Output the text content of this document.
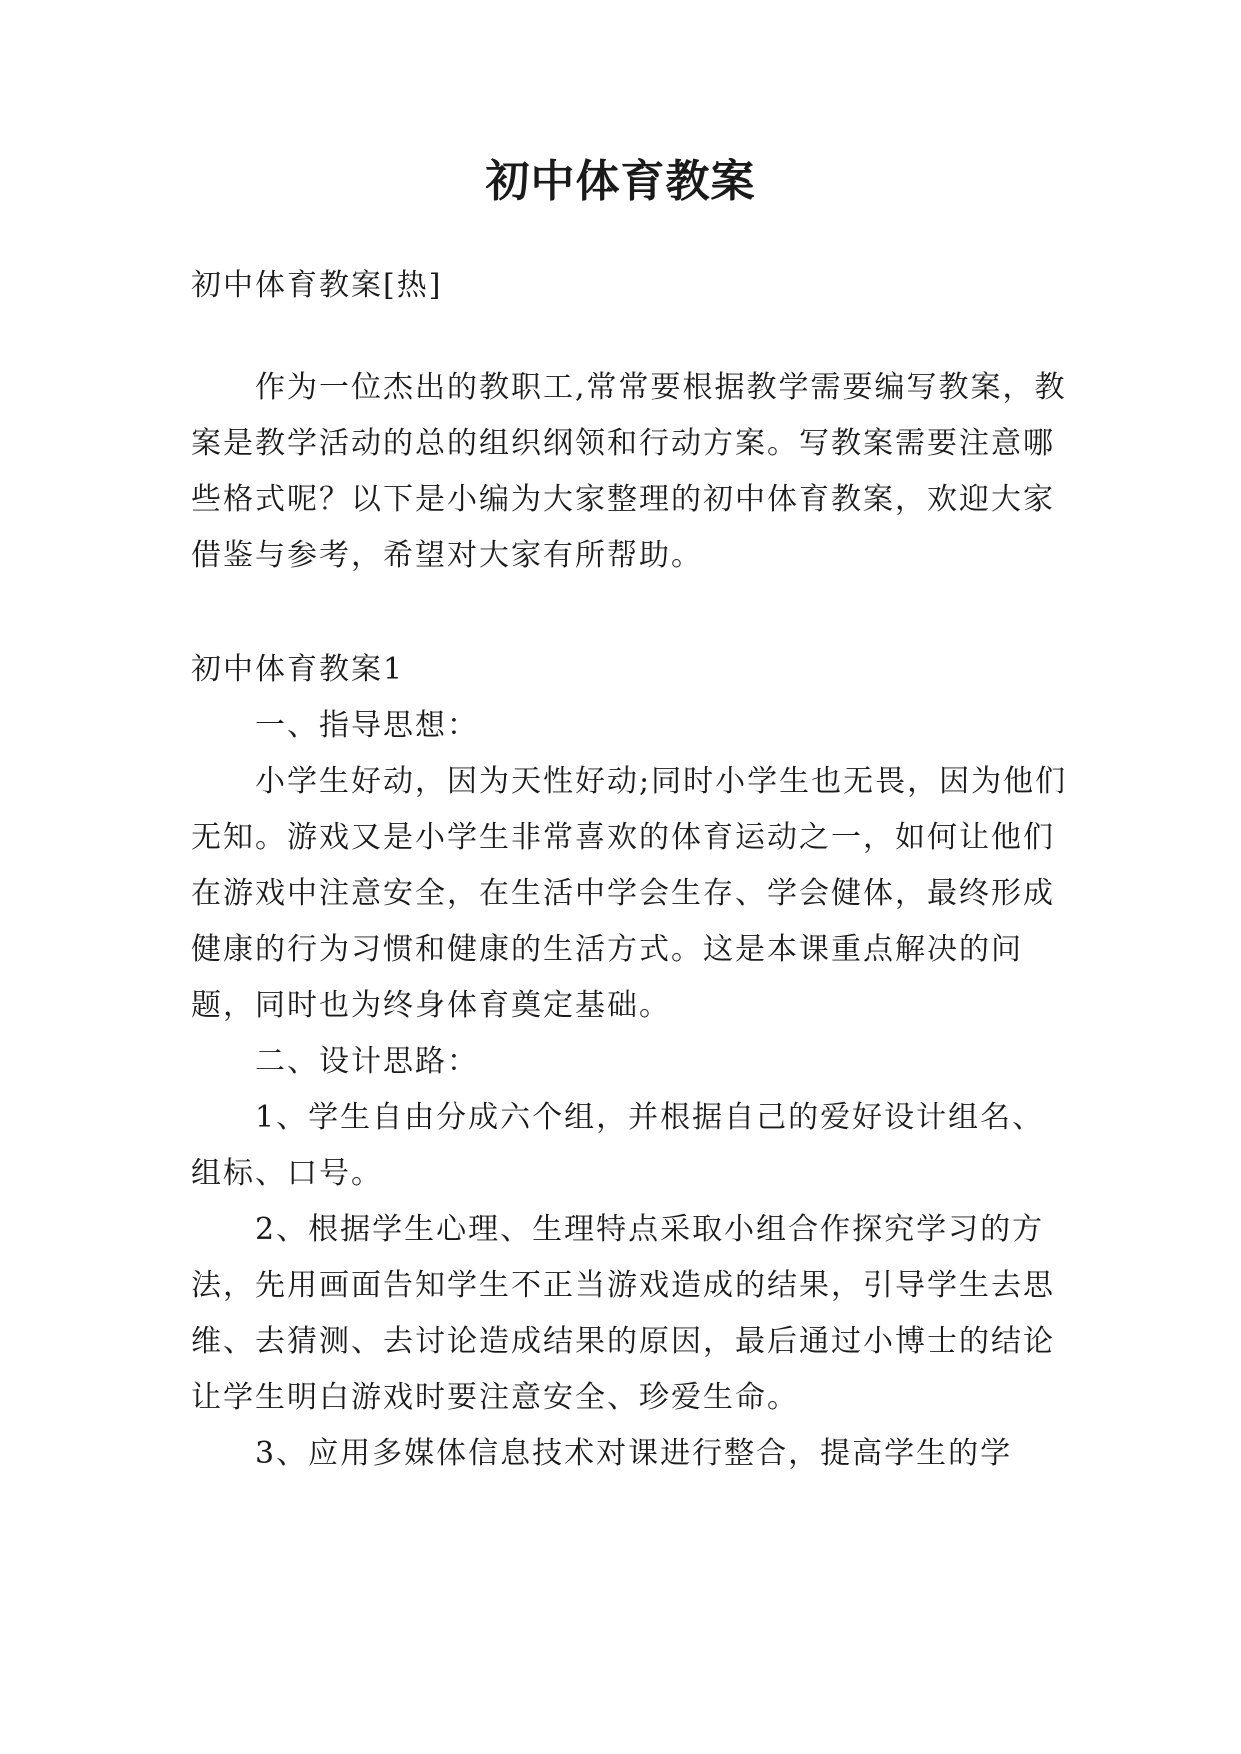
初中体育教案

初中体育教案[热]

作为一位杰出的教职工,常常要根据教学需要编写教案，教案是教学活动的总的组织纲领和行动方案。写教案需要注意哪些格式呢？以下是小编为大家整理的初中体育教案，欢迎大家借鉴与参考，希望对大家有所帮助。

初中体育教案1

一、指导思想：

小学生好动，因为天性好动;同时小学生也无畏，因为他们无知。游戏又是小学生非常喜欢的体育运动之一，如何让他们在游戏中注意安全，在生活中学会生存、学会健体，最终形成健康的行为习惯和健康的生活方式。这是本课重点解决的问题，同时也为终身体育奠定基础。

二、设计思路：

1、学生自由分成六个组，并根据自己的爱好设计组名、组标、口号。

2、根据学生心理、生理特点采取小组合作探究学习的方法，先用画面告知学生不正当游戏造成的结果，引导学生去思维、去猜测、去讨论造成结果的原因，最后通过小博士的结论让学生明白游戏时要注意安全、珍爱生命。

3、应用多媒体信息技术对课进行整合，提高学生的学
